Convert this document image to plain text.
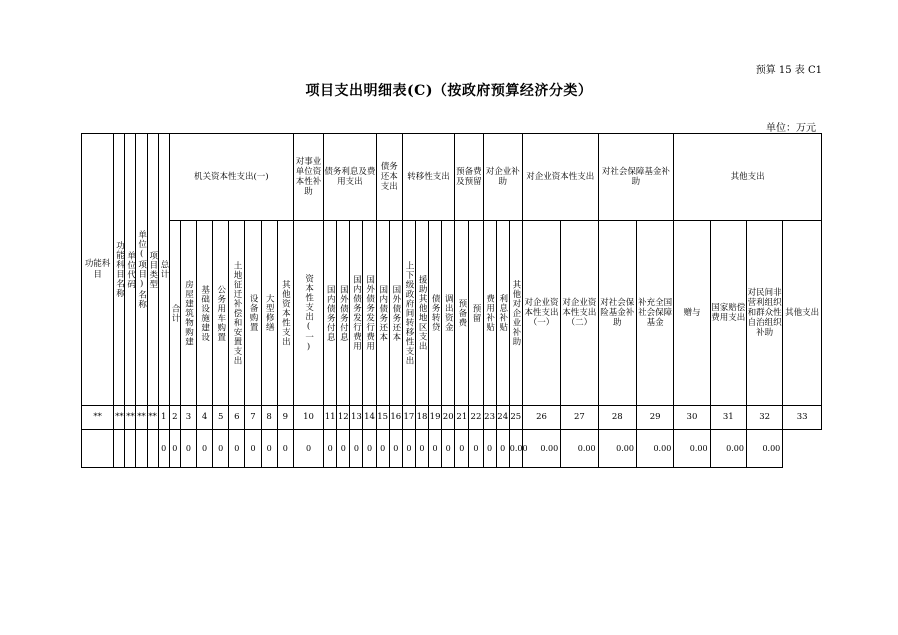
预算 15 表 C1
项目支出明细表(C)（按政府预算经济分类）
单位：万元
功能科目	功能科目名称	单位代码	单位(项目)名称	项目类型	总计	机关资本性支出(一)								对事业单位资本性补助	债务利息及费用支出				债务还本支出		转移性支出				预备费及预留		对企业补助			对企业资本性支出		对社会保障基金补助		其他支出			

						合计	房屋建筑物购建	基础设施建设	公务用车购置	土地征迁补偿和安置支出	设备购置	大型修缮	其他资本性支出	资本性支出(一)	国内债务付息	国外债务付息	国内债务发行费用	国外债务发行费用	国内债务还本	国外债务还本	上下级政府间转移性支出	援助其他地区支出	债务转贷	调出资金	预备费	预留	费用补贴	利息补贴	其他对企业补助	对企业资本性支出（一）	对企业资本性支出（二）	对社会保险基金补助	补充全国社会保障基金	赠与	国家赔偿费用支出	对民间非营利组织和群众性自治组织补助	其他支出
**	**	**	**	**	1	2	3	4	5	6	7	8	9	10	11	12	13	14	15	16	17	18	19	20	21	22	23	24	25	26	27	28	29	30	31	32	33
					0	0	0	0	0	0	0	0	0	0	0	0	0	0	0	0	0	0	0	0	0	0	0	0	0.00	0.00	0.00	0.00	0.00	0.00	0.00	0.00	
